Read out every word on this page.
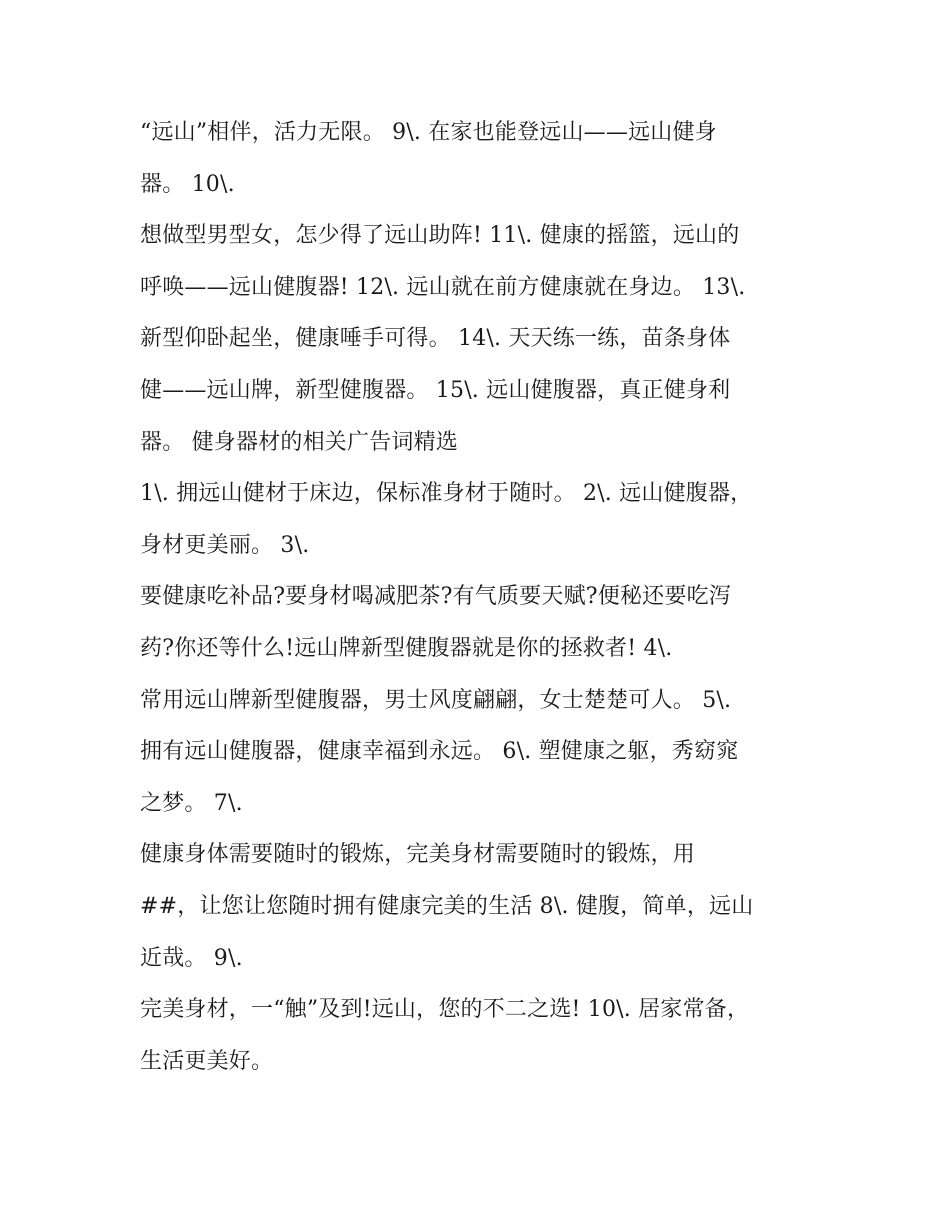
“远山”相伴，活力无限。 9\. 在家也能登远山——远山健身
器。 10\.
想做型男型女，怎少得了远山助阵! 11\. 健康的摇篮，远山的
呼唤——远山健腹器! 12\. 远山就在前方健康就在身边。 13\.
新型仰卧起坐，健康唾手可得。 14\. 天天练一练，苗条身体
健——远山牌，新型健腹器。 15\. 远山健腹器，真正健身利
器。 健身器材的相关广告词精选
1\. 拥远山健材于床边，保标准身材于随时。 2\. 远山健腹器，
身材更美丽。 3\.
要健康吃补品?要身材喝减肥茶?有气质要天赋?便秘还要吃泻
药?你还等什么!远山牌新型健腹器就是你的拯救者! 4\.
常用远山牌新型健腹器，男士风度翩翩，女士楚楚可人。 5\.
拥有远山健腹器，健康幸福到永远。 6\. 塑健康之躯，秀窈窕
之梦。 7\.
健康身体需要随时的锻炼，完美身材需要随时的锻炼，用
##，让您让您随时拥有健康完美的生活 8\. 健腹，简单，远山
近哉。 9\.
完美身材，一“触”及到!远山，您的不二之选! 10\. 居家常备，
生活更美好。
